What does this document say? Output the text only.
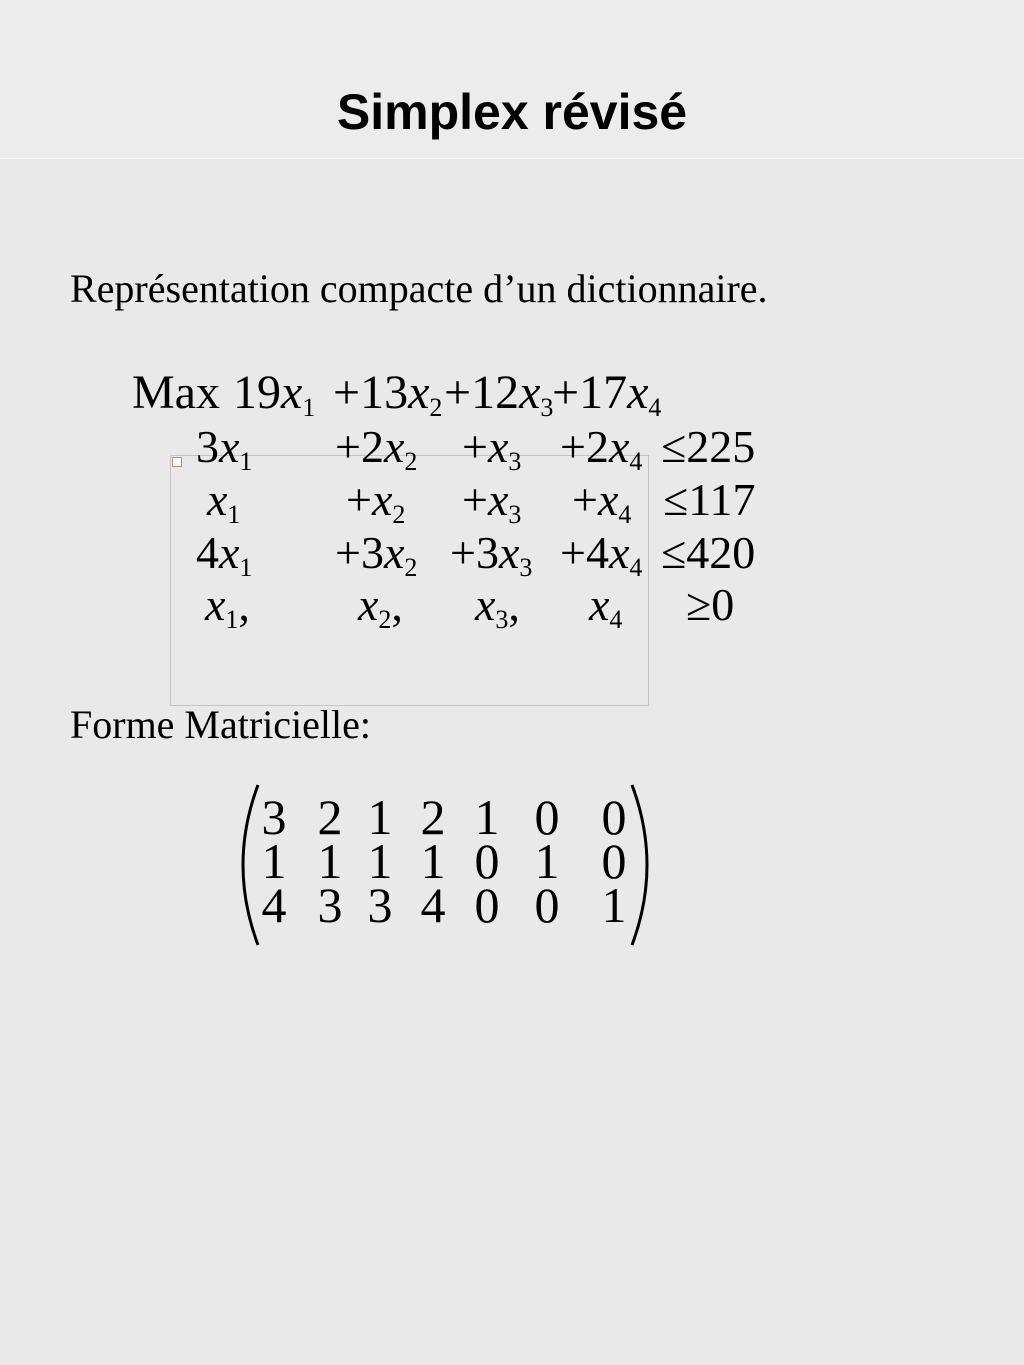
Simplex révisé
Représentation compacte d’un dictionnaire.
Max 19x1 +13x2 +12x3
+17x4
3x1 +2x2 +x3 +2x4 ≤225
x1 +x2 +x3 +x4 ≤117
4x1 +3x2 +3x3 +4x4 ≤420
x1, x2, x3, x4 ≥0
3 2 1 2 1 0 0
1 1 1 1 0 1 0
4 3 3 4 0 0 1
Forme Matricielle:
